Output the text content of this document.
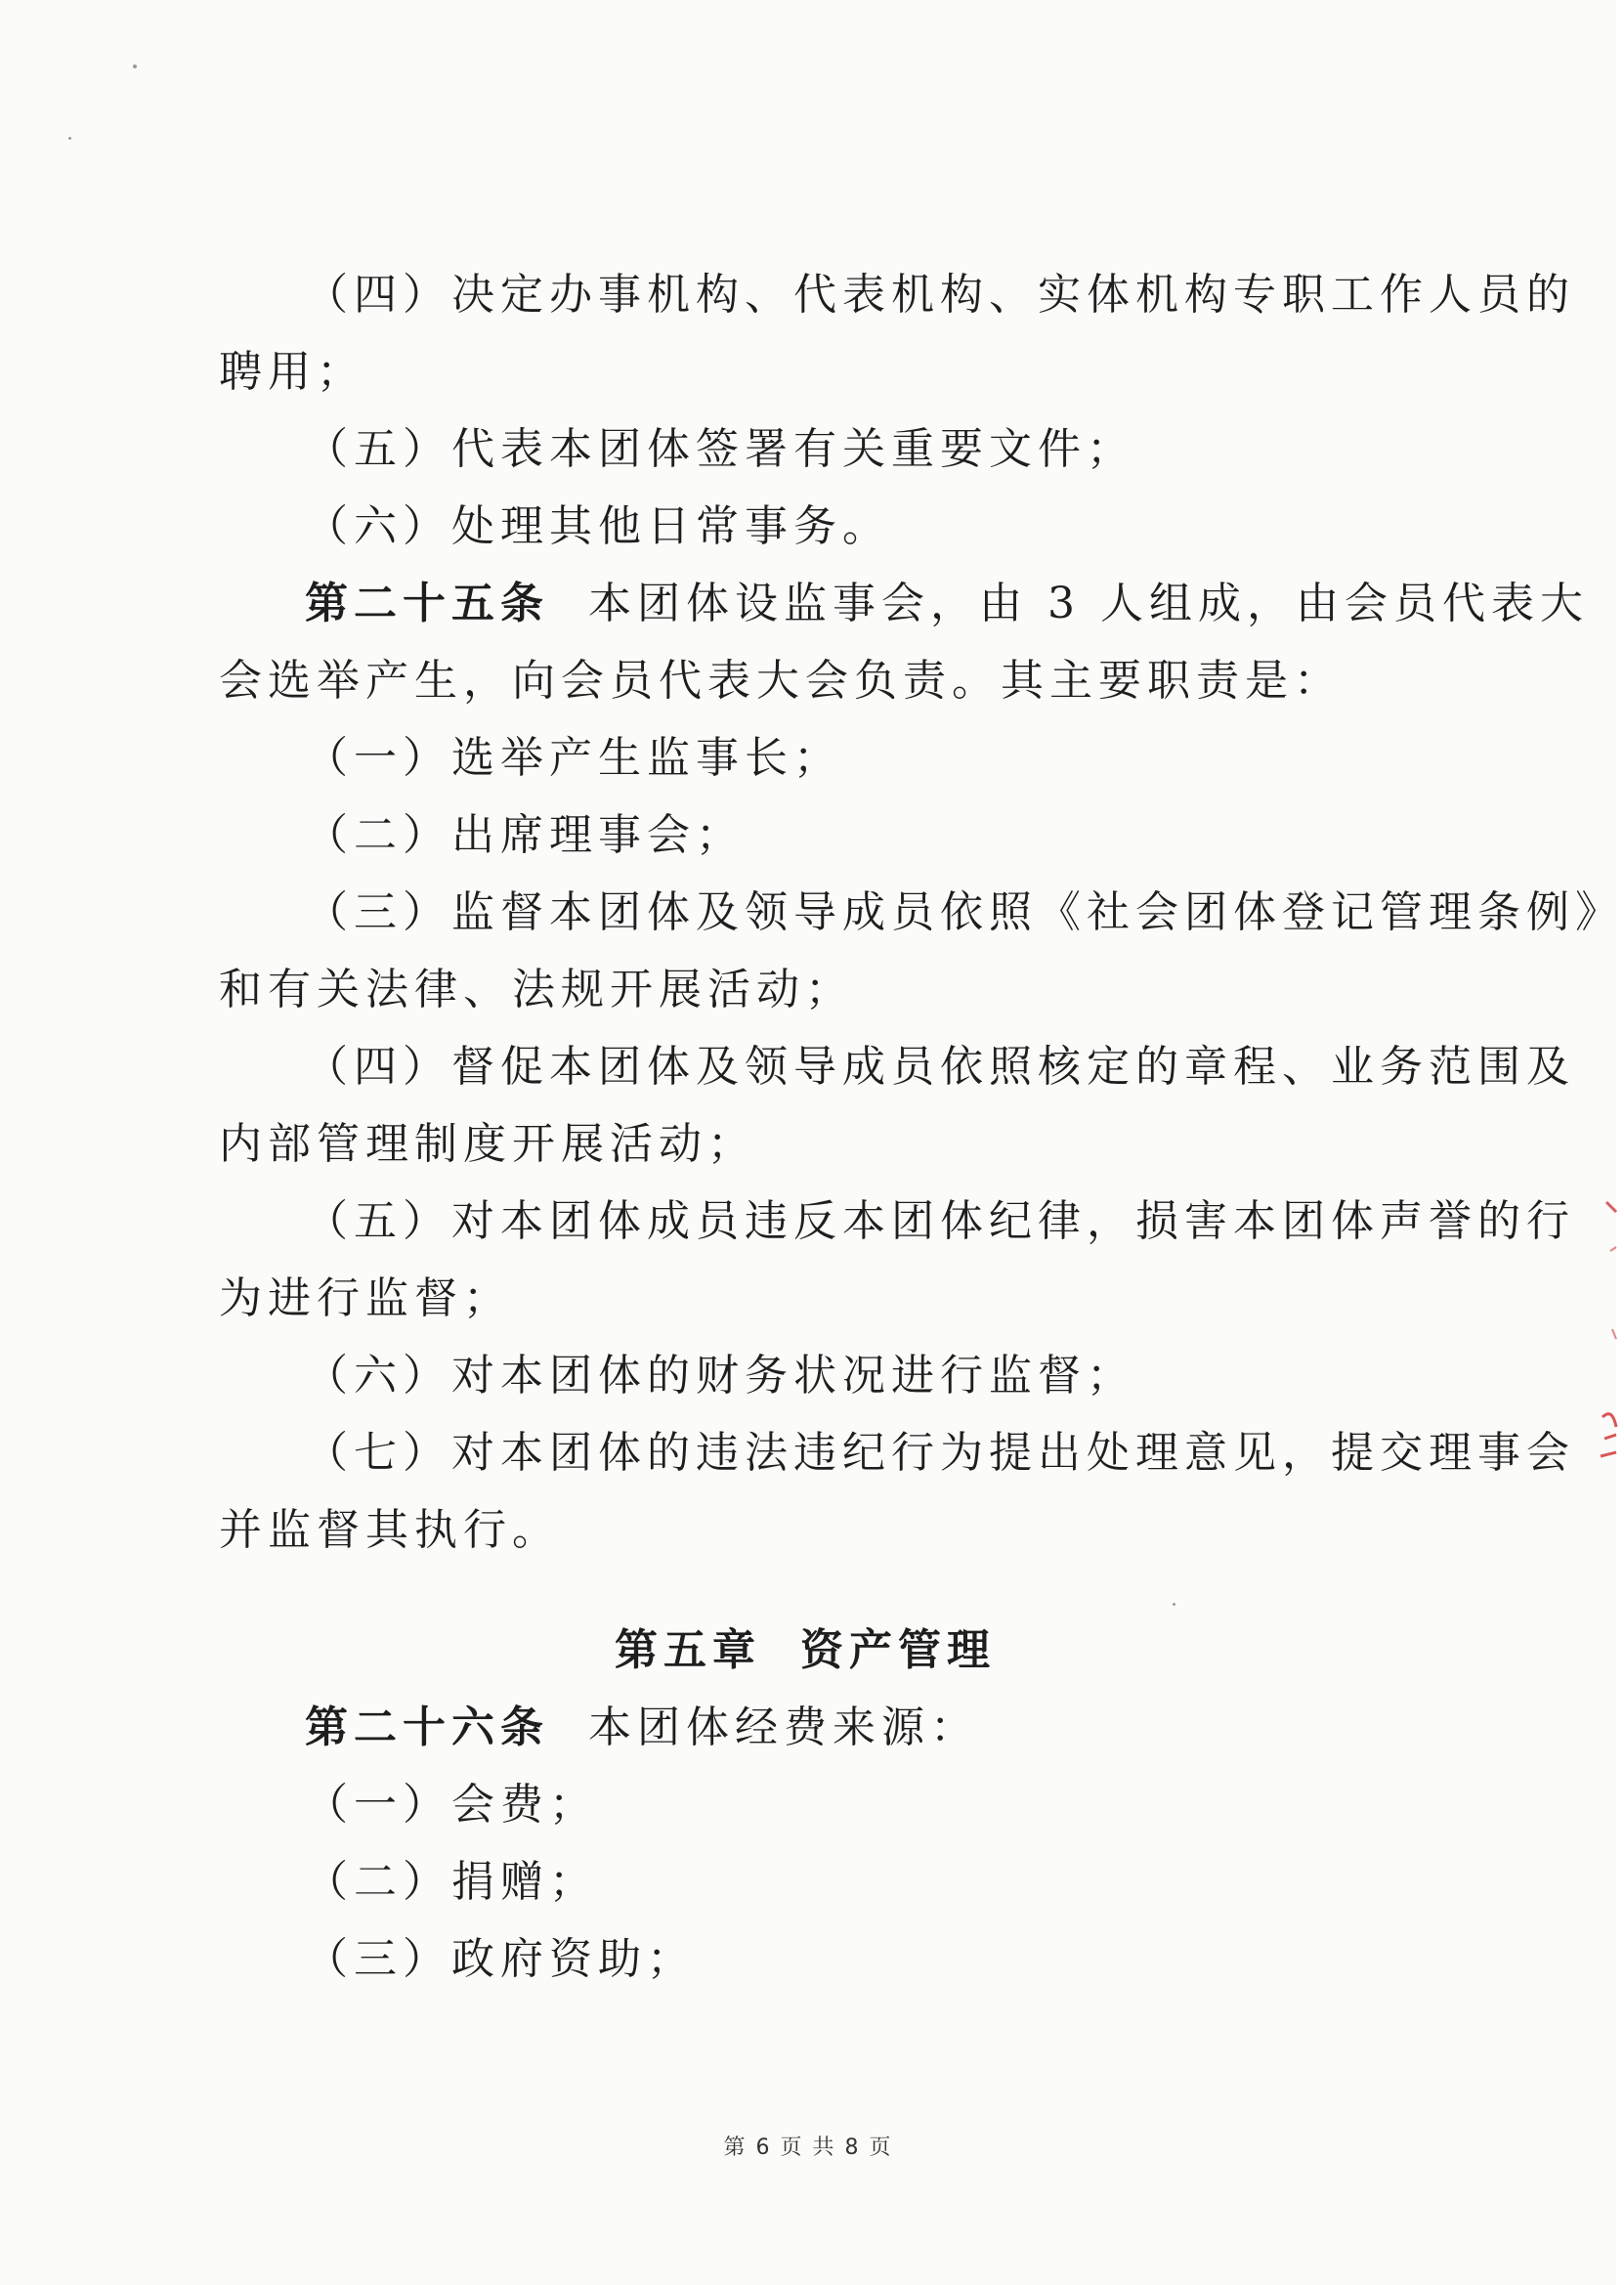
（四）决定办事机构、代表机构、实体机构专职工作人员的

聘用；

（五）代表本团体签署有关重要文件；

（六）处理其他日常事务。

第二十五条 本团体设监事会，由 3 人组成，由会员代表大

会选举产生，向会员代表大会负责。其主要职责是：

（一）选举产生监事长；

（二）出席理事会；

（三）监督本团体及领导成员依照《社会团体登记管理条例》

和有关法律、法规开展活动；

（四）督促本团体及领导成员依照核定的章程、业务范围及

内部管理制度开展活动；

（五）对本团体成员违反本团体纪律，损害本团体声誉的行

为进行监督；

（六）对本团体的财务状况进行监督；

（七）对本团体的违法违纪行为提出处理意见，提交理事会

并监督其执行。

第五章 资产管理

第二十六条 本团体经费来源：

（一）会费；

（二）捐赠；

（三）政府资助；

第 6 页 共 8 页
